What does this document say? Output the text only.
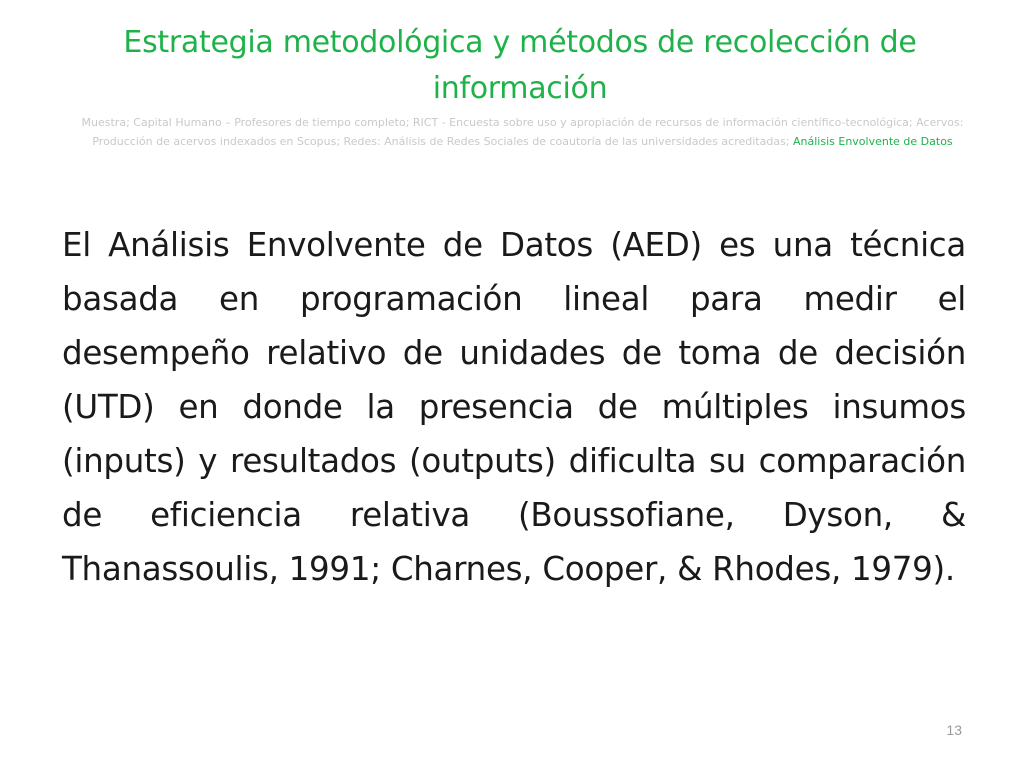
Estrategia metodológica y métodos de recolección de información
Muestra; Capital Humano – Profesores de tiempo completo; RICT - Encuesta sobre uso y apropiación de recursos de información científico-tecnológica; Acervos: Producción de acervos indexados en Scopus; Redes: Análisis de Redes Sociales de coautoría de las universidades acreditadas; Análisis Envolvente de Datos
El Análisis Envolvente de Datos (AED) es una técnica basada en programación lineal para medir el desempeño relativo de unidades de toma de decisión (UTD) en donde la presencia de múltiples insumos (inputs) y resultados (outputs) dificulta su comparación de eficiencia relativa (Boussofiane, Dyson, & Thanassoulis, 1991; Charnes, Cooper, & Rhodes, 1979).
13
